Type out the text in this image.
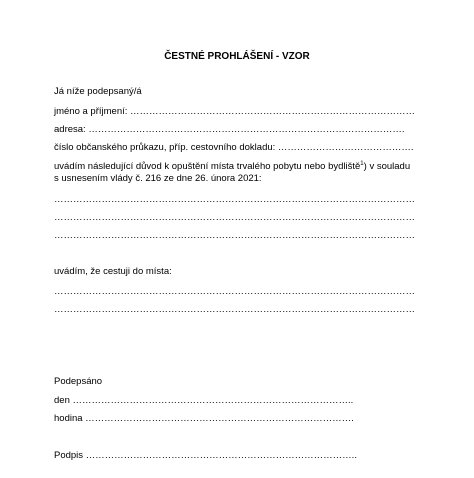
ČESTNÉ PROHLÁŠENÍ - VZOR
Já níže podepsaný/á
jméno a příjmení: ………………………………………………………………………………
adresa: ……………………………………………………………………………………….
číslo občanského průkazu, příp. cestovního dokladu: …………………………………….
uvádím následující důvod k opuštění místa trvalého pobytu nebo bydliště$^1$) v souladu
s usnesením vlády č. 216 ze dne 26. února 2021:
……………………………………………………………………………………………………
……………………………………………………………………………………………………
……………………………………………………………………………………………………
uvádím, že cestuji do místa:
……………………………………………………………………………………………………
……………………………………………………………………………………………………
Podepsáno
den ……………………………………………………………………………..
hodina ………………………………………………………………………….
Podpis …………………………………………………………………………..
